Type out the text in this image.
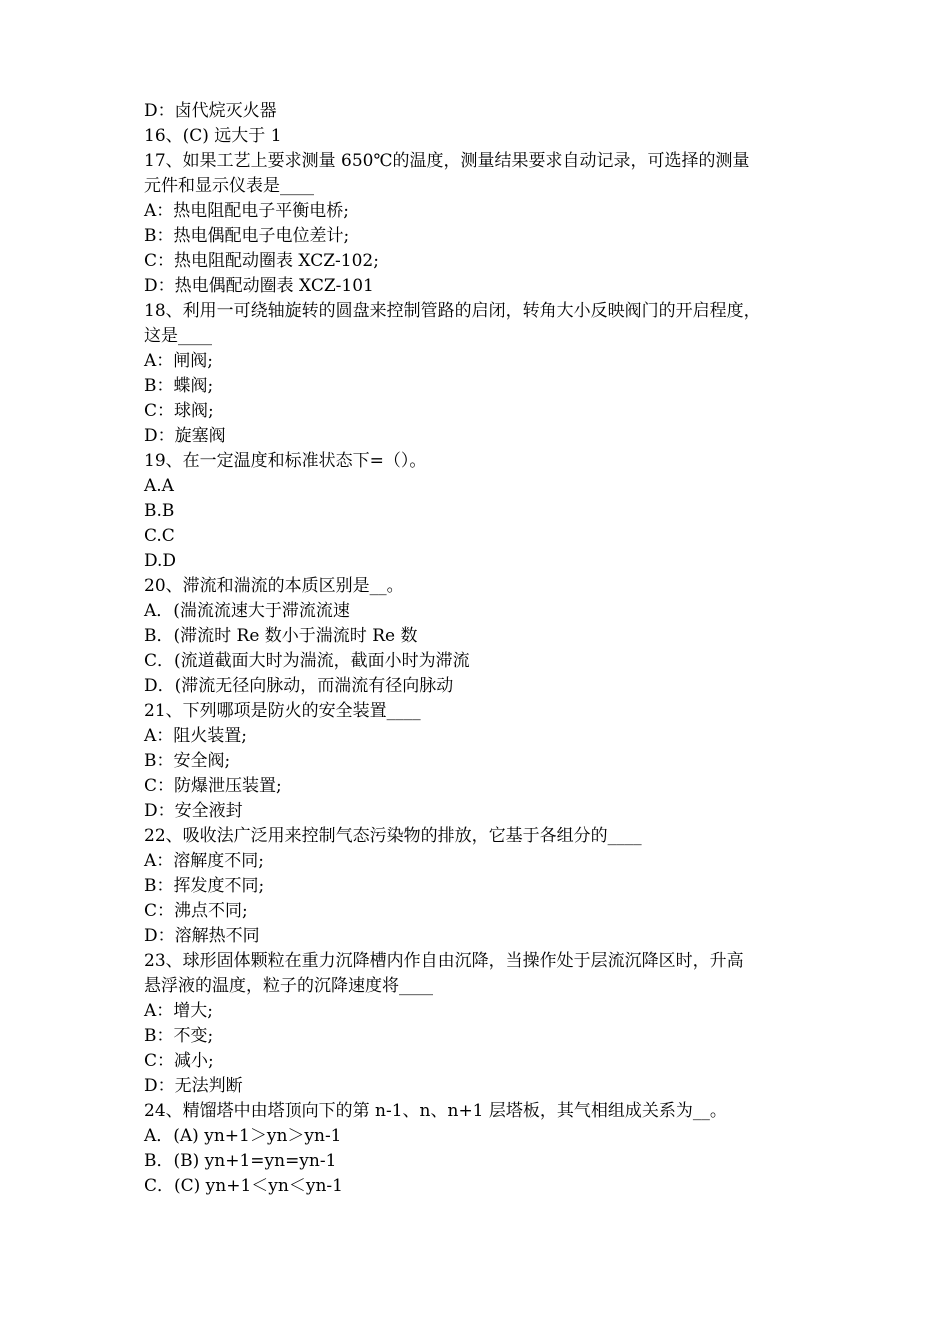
D：卤代烷灭火器
16、(C) 远大于 1
17、如果工艺上要求测量 650℃的温度，测量结果要求自动记录，可选择的测量
元件和显示仪表是____
A：热电阻配电子平衡电桥;
B：热电偶配电子电位差计;
C：热电阻配动圈表 XCZ-102;
D：热电偶配动圈表 XCZ-101
18、利用一可绕轴旋转的圆盘来控制管路的启闭，转角大小反映阀门的开启程度，
这是____
A：闸阀;
B：蝶阀;
C：球阀;
D：旋塞阀
19、在一定温度和标准状态下=（）。
A.A
B.B
C.C
D.D
20、滞流和湍流的本质区别是__。
A．(湍流流速大于滞流流速
B．(滞流时 Re 数小于湍流时 Re 数
C．(流道截面大时为湍流，截面小时为滞流
D．(滞流无径向脉动，而湍流有径向脉动
21、下列哪项是防火的安全装置____
A：阻火装置;
B：安全阀;
C：防爆泄压装置;
D：安全液封
22、吸收法广泛用来控制气态污染物的排放，它基于各组分的____
A：溶解度不同;
B：挥发度不同;
C：沸点不同;
D：溶解热不同
23、球形固体颗粒在重力沉降槽内作自由沉降，当操作处于层流沉降区时，升高
悬浮液的温度，粒子的沉降速度将____
A：增大;
B：不变;
C：减小;
D：无法判断
24、精馏塔中由塔顶向下的第 n-1、n、n+1 层塔板，其气相组成关系为__。
A．(A) yn+1＞yn＞yn-1
B．(B) yn+1=yn=yn-1
C．(C) yn+1＜yn＜yn-1
